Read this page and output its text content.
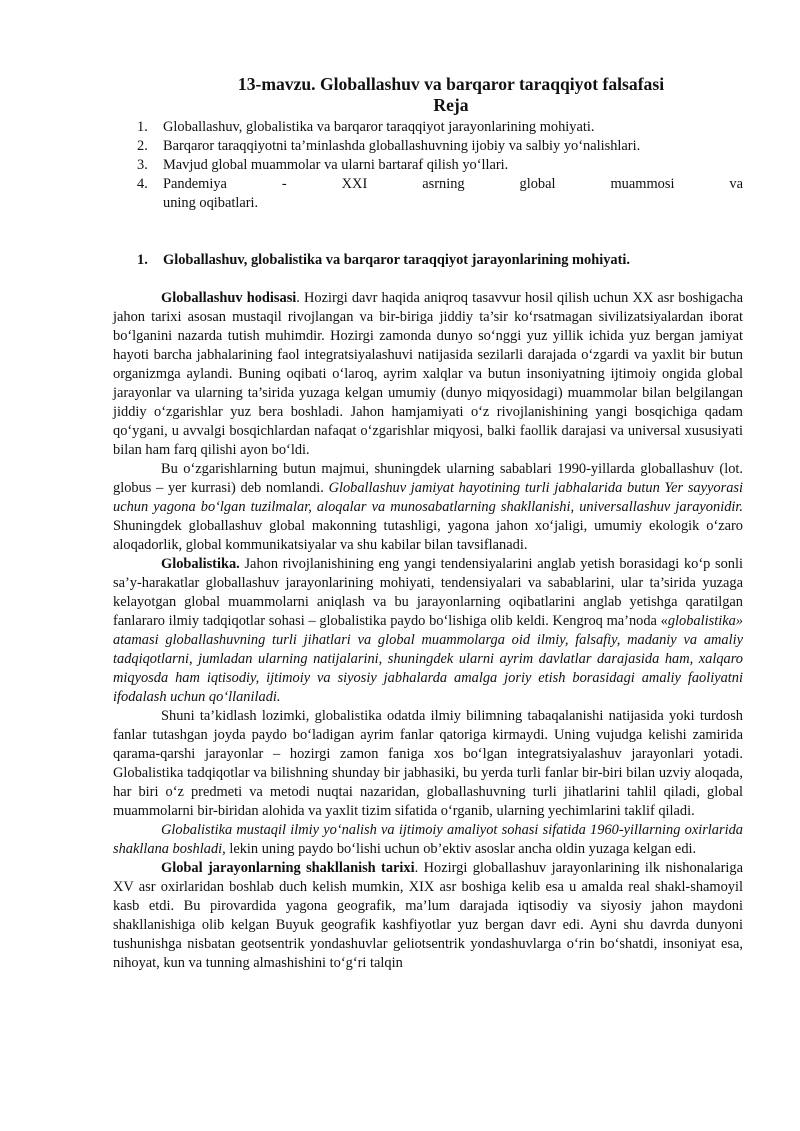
13-mavzu. Globallashuv va barqaror taraqqiyot falsafasi
Reja
1. Globallashuv, globalistika va barqaror taraqqiyot jarayonlarining mohiyati.
2. Barqaror taraqqiyotni ta’minlashda globallashuvning ijobiy va salbiy yo‘nalishlari.
3. Mavjud global muammolar va ularni bartaraf qilish yo‘llari.
4. Pandemiya - XXI asrning global muammosi va
uning oqibatlari.
1. Globallashuv, globalistika va barqaror taraqqiyot jarayonlarining mohiyati.

Globallashuv hodisasi. Hozirgi davr haqida aniqroq tasavvur hosil qilish uchun XX asr boshigacha jahon tarixi asosan mustaqil rivojlangan va bir-biriga jiddiy ta’sir ko‘rsatmagan sivilizatsiyalardan iborat bo‘lganini nazarda tutish muhimdir. Hozirgi zamonda dunyo so‘nggi yuz yillik ichida yuz bergan jamiyat hayoti barcha jabhalarining faol integratsiyalashuvi natijasida sezilarli darajada o‘zgardi va yaxlit bir butun organizmga aylandi. Buning oqibati o‘laroq, ayrim xalqlar va butun insoniyatning ijtimoiy ongida global jarayonlar va ularning ta’sirida yuzaga kelgan umumiy (dunyo miqyosidagi) muammolar bilan belgilangan jiddiy o‘zgarishlar yuz bera boshladi. Jahon hamjamiyati o‘z rivojlanishining yangi bosqichiga qadam qo‘ygani, u avvalgi bosqichlardan nafaqat o‘zgarishlar miqyosi, balki faollik darajasi va universal xususiyati bilan ham farq qilishi ayon bo‘ldi.

Bu o‘zgarishlarning butun majmui, shuningdek ularning sabablari 1990-yillarda globallashuv (lot. globus – yer kurrasi) deb nomlandi. Globallashuv jamiyat hayotining turli jabhalarida butun Yer sayyorasi uchun yagona bo‘lgan tuzilmalar, aloqalar va munosabatlarning shakllanishi, universallashuv jarayonidir. Shuningdek globallashuv global makonning tutashligi, yagona jahon xo‘jaligi, umumiy ekologik o‘zaro aloqadorlik, global kommunikatsiyalar va shu kabilar bilan tavsiflanadi.

Globalistika. Jahon rivojlanishining eng yangi tendensiyalarini anglab yetish borasidagi ko‘p sonli sa’y-harakatlar globallashuv jarayonlarining mohiyati, tendensiyalari va sabablarini, ular ta’sirida yuzaga kelayotgan global muammolarni aniqlash va bu jarayonlarning oqibatlarini anglab yetishga qaratilgan fanlararo ilmiy tadqiqotlar sohasi – globalistika paydo bo‘lishiga olib keldi. Kengroq ma’noda «globalistika» atamasi globallashuvning turli jihatlari va global muammolarga oid ilmiy, falsafiy, madaniy va amaliy tadqiqotlarni, jumladan ularning natijalarini, shuningdek ularni ayrim davlatlar darajasida ham, xalqaro miqyosda ham iqtisodiy, ijtimoiy va siyosiy jabhalarda amalga joriy etish borasidagi amaliy faoliyatni ifodalash uchun qo‘llaniladi.

Shuni ta’kidlash lozimki, globalistika odatda ilmiy bilimning tabaqalanishi natijasida yoki turdosh fanlar tutashgan joyda paydo bo‘ladigan ayrim fanlar qatoriga kirmaydi. Uning vujudga kelishi zamirida qarama-qarshi jarayonlar – hozirgi zamon faniga xos bo‘lgan integratsiyalashuv jarayonlari yotadi. Globalistika tadqiqotlar va bilishning shunday bir jabhasiki, bu yerda turli fanlar bir-biri bilan uzviy aloqada, har biri o‘z predmeti va metodi nuqtai nazaridan, globallashuvning turli jihatlarini tahlil qiladi, global muammolarni bir-biridan alohida va yaxlit tizim sifatida o‘rganib, ularning yechimlarini taklif qiladi.

Globalistika mustaqil ilmiy yo‘nalish va ijtimoiy amaliyot sohasi sifatida 1960-yillarning oxirlarida shakllana boshladi, lekin uning paydo bo‘lishi uchun ob’ektiv asoslar ancha oldin yuzaga kelgan edi.

Global jarayonlarning shakllanish tarixi. Hozirgi globallashuv jarayonlarining ilk nishonalariga XV asr oxirlaridan boshlab duch kelish mumkin, XIX asr boshiga kelib esa u amalda real shakl-shamoyil kasb etdi. Bu pirovardida yagona geografik, ma’lum darajada iqtisodiy va siyosiy jahon maydoni shakllanishiga olib kelgan Buyuk geografik kashfiyotlar yuz bergan davr edi. Ayni shu davrda dunyoni tushunishga nisbatan geotsentrik yondashuvlar geliotsentrik yondashuvlarga o‘rin bo‘shatdi, insoniyat esa, nihoyat, kun va tunning almashishini to‘g‘ri talqin
